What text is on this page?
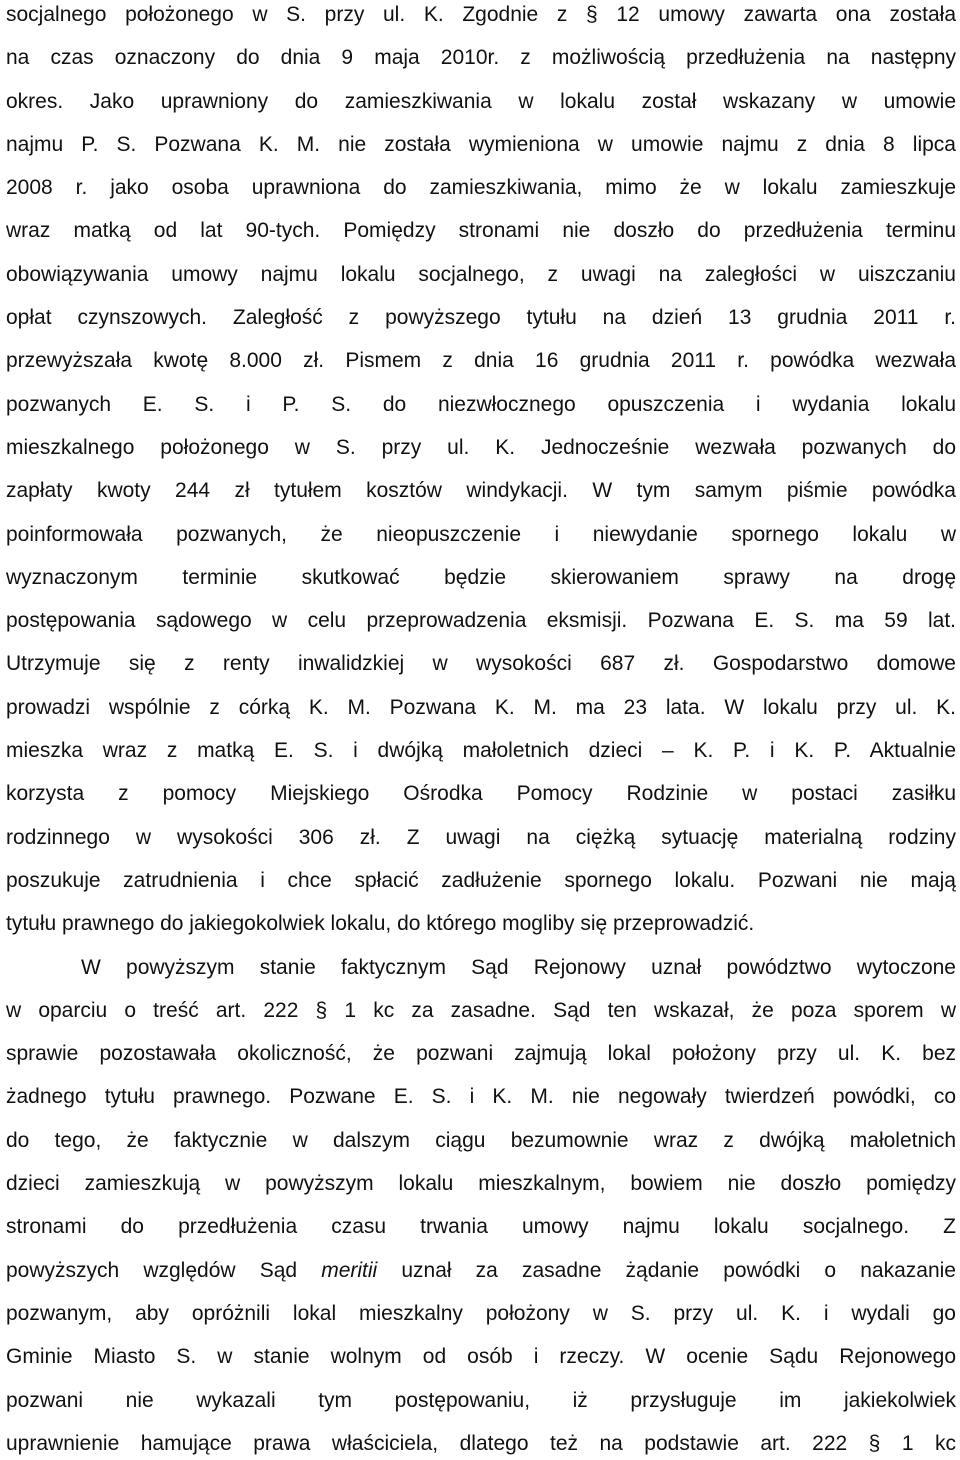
socjalnego położonego w S. przy ul. K. Zgodnie z § 12 umowy zawarta ona została
na czas oznaczony do dnia 9 maja 2010r. z możliwością przedłużenia na następny
okres. Jako uprawniony do zamieszkiwania w lokalu został wskazany w umowie
najmu P. S. Pozwana K. M. nie została wymieniona w umowie najmu z dnia 8 lipca
2008 r. jako osoba uprawniona do zamieszkiwania, mimo że w lokalu zamieszkuje
wraz matką od lat 90-tych. Pomiędzy stronami nie doszło do przedłużenia terminu
obowiązywania umowy najmu lokalu socjalnego, z uwagi na zaległości w uiszczaniu
opłat czynszowych. Zaległość z powyższego tytułu na dzień 13 grudnia 2011 r.
przewyższała kwotę 8.000 zł. Pismem z dnia 16 grudnia 2011 r. powódka wezwała
pozwanych E. S. i P. S. do niezwłocznego opuszczenia i wydania lokalu
mieszkalnego położonego w S. przy ul. K. Jednocześnie wezwała pozwanych do
zapłaty kwoty 244 zł tytułem kosztów windykacji. W tym samym piśmie powódka
poinformowała pozwanych, że nieopuszczenie i niewydanie spornego lokalu w
wyznaczonym terminie skutkować będzie skierowaniem sprawy na drogę
postępowania sądowego w celu przeprowadzenia eksmisji. Pozwana E. S. ma 59 lat.
Utrzymuje się z renty inwalidzkiej w wysokości 687 zł. Gospodarstwo domowe
prowadzi wspólnie z córką K. M. Pozwana K. M. ma 23 lata. W lokalu przy ul. K.
mieszka wraz z matką E. S. i dwójką małoletnich dzieci – K. P. i K. P. Aktualnie
korzysta z pomocy Miejskiego Ośrodka Pomocy Rodzinie w postaci zasiłku
rodzinnego w wysokości 306 zł. Z uwagi na ciężką sytuację materialną rodziny
poszukuje zatrudnienia i chce spłacić zadłużenie spornego lokalu. Pozwani nie mają
tytułu prawnego do jakiegokolwiek lokalu, do którego mogliby się przeprowadzić.
W powyższym stanie faktycznym Sąd Rejonowy uznał powództwo wytoczone
w oparciu o treść art. 222 § 1 kc za zasadne. Sąd ten wskazał, że poza sporem w
sprawie pozostawała okoliczność, że pozwani zajmują lokal położony przy ul. K. bez
żadnego tytułu prawnego. Pozwane E. S. i K. M. nie negowały twierdzeń powódki, co
do tego, że faktycznie w dalszym ciągu bezumownie wraz z dwójką małoletnich
dzieci zamieszkują w powyższym lokalu mieszkalnym, bowiem nie doszło pomiędzy
stronami do przedłużenia czasu trwania umowy najmu lokalu socjalnego. Z
powyższych względów Sąd meritii uznał za zasadne żądanie powódki o nakazanie
pozwanym, aby opróżnili lokal mieszkalny położony w S. przy ul. K. i wydali go
Gminie Miasto S. w stanie wolnym od osób i rzeczy. W ocenie Sądu Rejonowego
pozwani nie wykazali tym postępowaniu, iż przysługuje im jakiekolwiek
uprawnienie hamujące prawa właściciela, dlatego też na podstawie art. 222 § 1 kc
